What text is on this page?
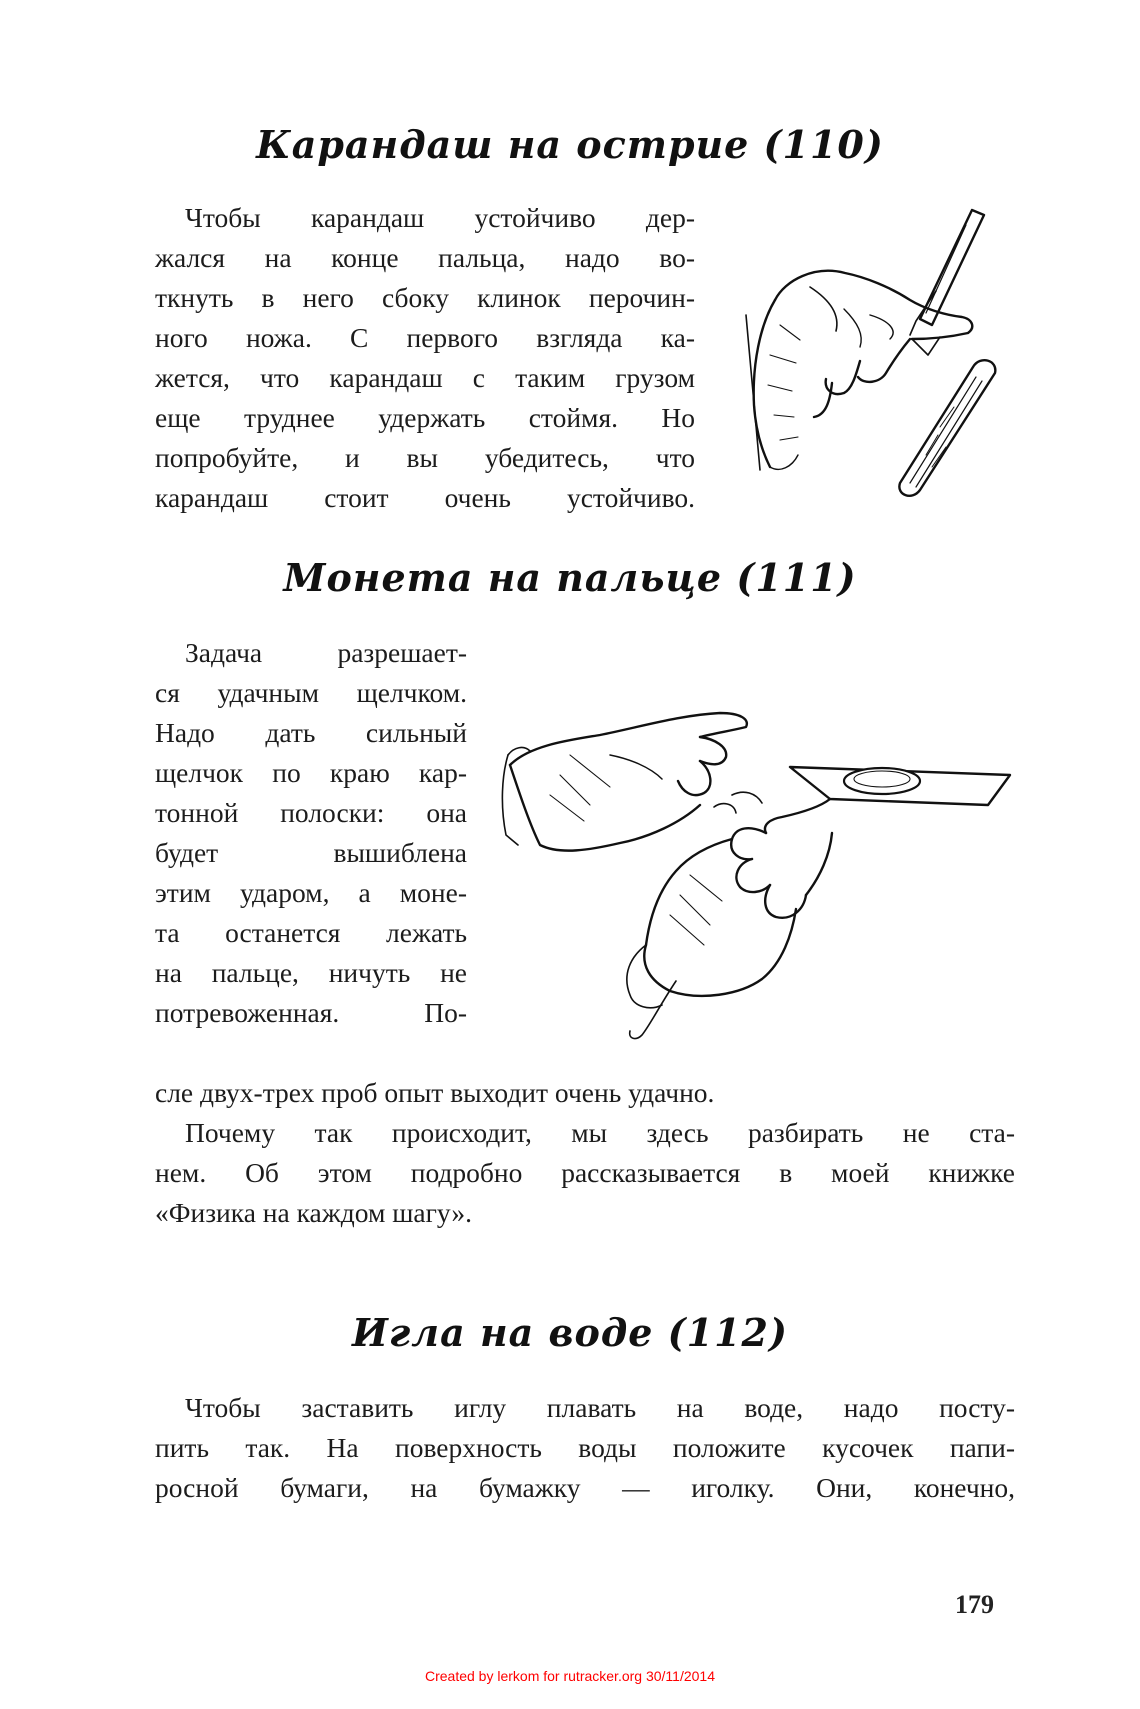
Карандаш на острие (110)
Чтобы карандаш устойчиво дер-
жался на конце пальца, надо во-
ткнуть в него сбоку клинок перочин-
ного ножа. С первого взгляда ка-
жется, что карандаш с таким грузом
еще труднее удержать стоймя. Но
попробуйте, и вы убедитесь, что
карандаш стоит очень устойчиво.
Монета на пальце (111)
Задача разрешает-
ся удачным щелчком.
Надо дать сильный
щелчок по краю кар-
тонной полоски: она
будет вышиблена
этим ударом, а моне-
та останется лежать
на пальце, ничуть не
потревоженная. По-
сле двух-трех проб опыт выходит очень удачно.
Почему так происходит, мы здесь разбирать не ста-
нем. Об этом подробно рассказывается в моей книжке
«Физика на каждом шагу».
Игла на воде (112)
Чтобы заставить иглу плавать на воде, надо посту-
пить так. На поверхность воды положите кусочек папи-
росной бумаги, на бумажку — иголку. Они, конечно,
179
Created by lerkom for rutracker.org 30/11/2014
